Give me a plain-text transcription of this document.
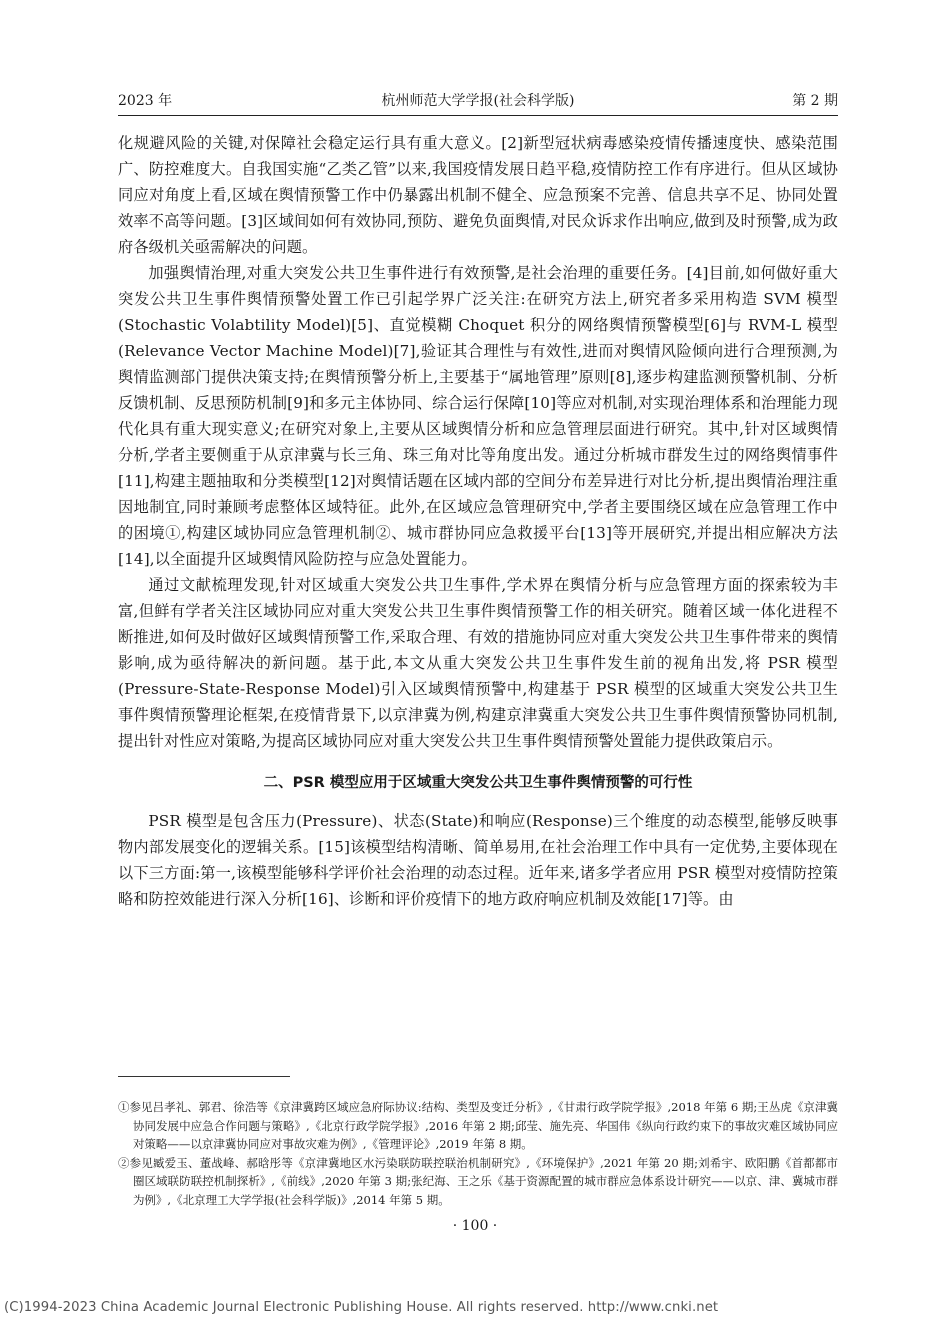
2023 年	杭州师范大学学报(社会科学版)	第 2 期

化规避风险的关键,对保障社会稳定运行具有重大意义。[2]新型冠状病毒感染疫情传播速度快、感染范围广、防控难度大。自我国实施“乙类乙管”以来,我国疫情发展日趋平稳,疫情防控工作有序进行。但从区域协同应对角度上看,区域在舆情预警工作中仍暴露出机制不健全、应急预案不完善、信息共享不足、协同处置效率不高等问题。[3]区域间如何有效协同,预防、避免负面舆情,对民众诉求作出响应,做到及时预警,成为政府各级机关亟需解决的问题。

加强舆情治理,对重大突发公共卫生事件进行有效预警,是社会治理的重要任务。[4]目前,如何做好重大突发公共卫生事件舆情预警处置工作已引起学界广泛关注:在研究方法上,研究者多采用构造 SVM 模型(Stochastic Volabtility Model)[5]、直觉模糊 Choquet 积分的网络舆情预警模型[6]与 RVM-L 模型(Relevance Vector Machine Model)[7],验证其合理性与有效性,进而对舆情风险倾向进行合理预测,为舆情监测部门提供决策支持;在舆情预警分析上,主要基于“属地管理”原则[8],逐步构建监测预警机制、分析反馈机制、反思预防机制[9]和多元主体协同、综合运行保障[10]等应对机制,对实现治理体系和治理能力现代化具有重大现实意义;在研究对象上,主要从区域舆情分析和应急管理层面进行研究。其中,针对区域舆情分析,学者主要侧重于从京津冀与长三角、珠三角对比等角度出发。通过分析城市群发生过的网络舆情事件[11],构建主题抽取和分类模型[12]对舆情话题在区域内部的空间分布差异进行对比分析,提出舆情治理注重因地制宜,同时兼顾考虑整体区域特征。此外,在区域应急管理研究中,学者主要围绕区域在应急管理工作中的困境①,构建区域协同应急管理机制②、城市群协同应急救援平台[13]等开展研究,并提出相应解决方法[14],以全面提升区域舆情风险防控与应急处置能力。

通过文献梳理发现,针对区域重大突发公共卫生事件,学术界在舆情分析与应急管理方面的探索较为丰富,但鲜有学者关注区域协同应对重大突发公共卫生事件舆情预警工作的相关研究。随着区域一体化进程不断推进,如何及时做好区域舆情预警工作,采取合理、有效的措施协同应对重大突发公共卫生事件带来的舆情影响,成为亟待解决的新问题。基于此,本文从重大突发公共卫生事件发生前的视角出发,将 PSR 模型(Pressure-State-Response Model)引入区域舆情预警中,构建基于 PSR 模型的区域重大突发公共卫生事件舆情预警理论框架,在疫情背景下,以京津冀为例,构建京津冀重大突发公共卫生事件舆情预警协同机制,提出针对性应对策略,为提高区域协同应对重大突发公共卫生事件舆情预警处置能力提供政策启示。

二、PSR 模型应用于区域重大突发公共卫生事件舆情预警的可行性

PSR 模型是包含压力(Pressure)、状态(State)和响应(Response)三个维度的动态模型,能够反映事物内部发展变化的逻辑关系。[15]该模型结构清晰、简单易用,在社会治理工作中具有一定优势,主要体现在以下三方面:第一,该模型能够科学评价社会治理的动态过程。近年来,诸多学者应用 PSR 模型对疫情防控策略和防控效能进行深入分析[16]、诊断和评价疫情下的地方政府响应机制及效能[17]等。由

①参见吕孝礼、郭君、徐浩等《京津冀跨区域应急府际协议:结构、类型及变迁分析》,《甘肃行政学院学报》,2018 年第 6 期;王丛虎《京津冀协同发展中应急合作问题与策略》,《北京行政学院学报》,2016 年第 2 期;邱莹、施先亮、华国伟《纵向行政约束下的事故灾难区域协同应对策略——以京津冀协同应对事故灾难为例》,《管理评论》,2019 年第 8 期。

②参见臧爱玉、董战峰、郝晗彤等《京津冀地区水污染联防联控联治机制研究》,《环境保护》,2021 年第 20 期;刘希宇、欧阳鹏《首都都市圈区域联防联控机制探析》,《前线》,2020 年第 3 期;张纪海、王之乐《基于资源配置的城市群应急体系设计研究——以京、津、冀城市群为例》,《北京理工大学学报(社会科学版)》,2014 年第 5 期。

· 100 ·
(C)1994-2023 China Academic Journal Electronic Publishing House. All rights reserved. http://www.cnki.net
